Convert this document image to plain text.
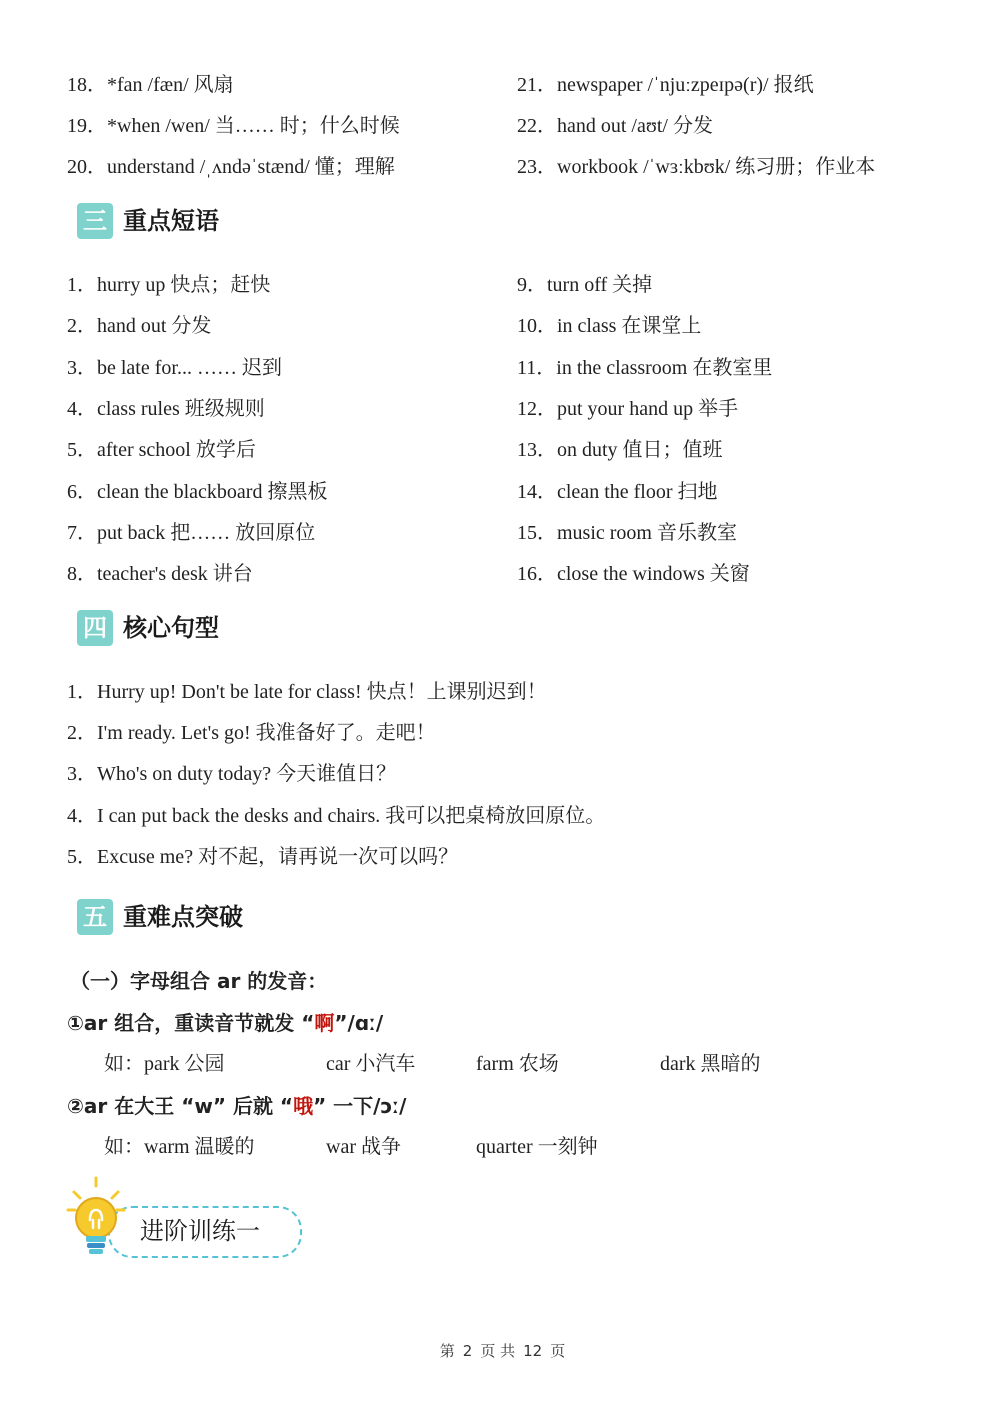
18．*fan /fæn/ 风扇
19．*when /wen/ 当…… 时；什么时候
20．understand /ˌʌndəˈstænd/ 懂；理解
21．newspaper /ˈnjuːzpeɪpə(r)/ 报纸
22．hand out /aʊt/ 分发
23．workbook /ˈwɜːkbʊk/ 练习册；作业本
三 重点短语
1．hurry up 快点；赶快
2．hand out 分发
3．be late for... …… 迟到
4．class rules 班级规则
5．after school 放学后
6．clean the blackboard 擦黑板
7．put back 把…… 放回原位
8．teacher's desk 讲台
9．turn off 关掉
10．in class 在课堂上
11．in the classroom 在教室里
12．put your hand up 举手
13．on duty 值日；值班
14．clean the floor 扫地
15．music room 音乐教室
16．close the windows 关窗
四 核心句型
1．Hurry up! Don't be late for class! 快点！上课别迟到！
2．I'm ready. Let's go! 我准备好了。走吧！
3．Who's on duty today? 今天谁值日？
4．I can put back the desks and chairs. 我可以把桌椅放回原位。
5．Excuse me? 对不起，请再说一次可以吗？
五 重难点突破
（一）字母组合 ar 的发音：
①ar 组合，重读音节就发 “啊”/ɑː/
如：park 公园	car 小汽车	farm 农场	dark 黑暗的
②ar 在大王 “w” 后就 “哦” 一下/ɔː/
如：warm 温暖的	war 战争	quarter 一刻钟
进阶训练一
第 2 页 共 12 页
